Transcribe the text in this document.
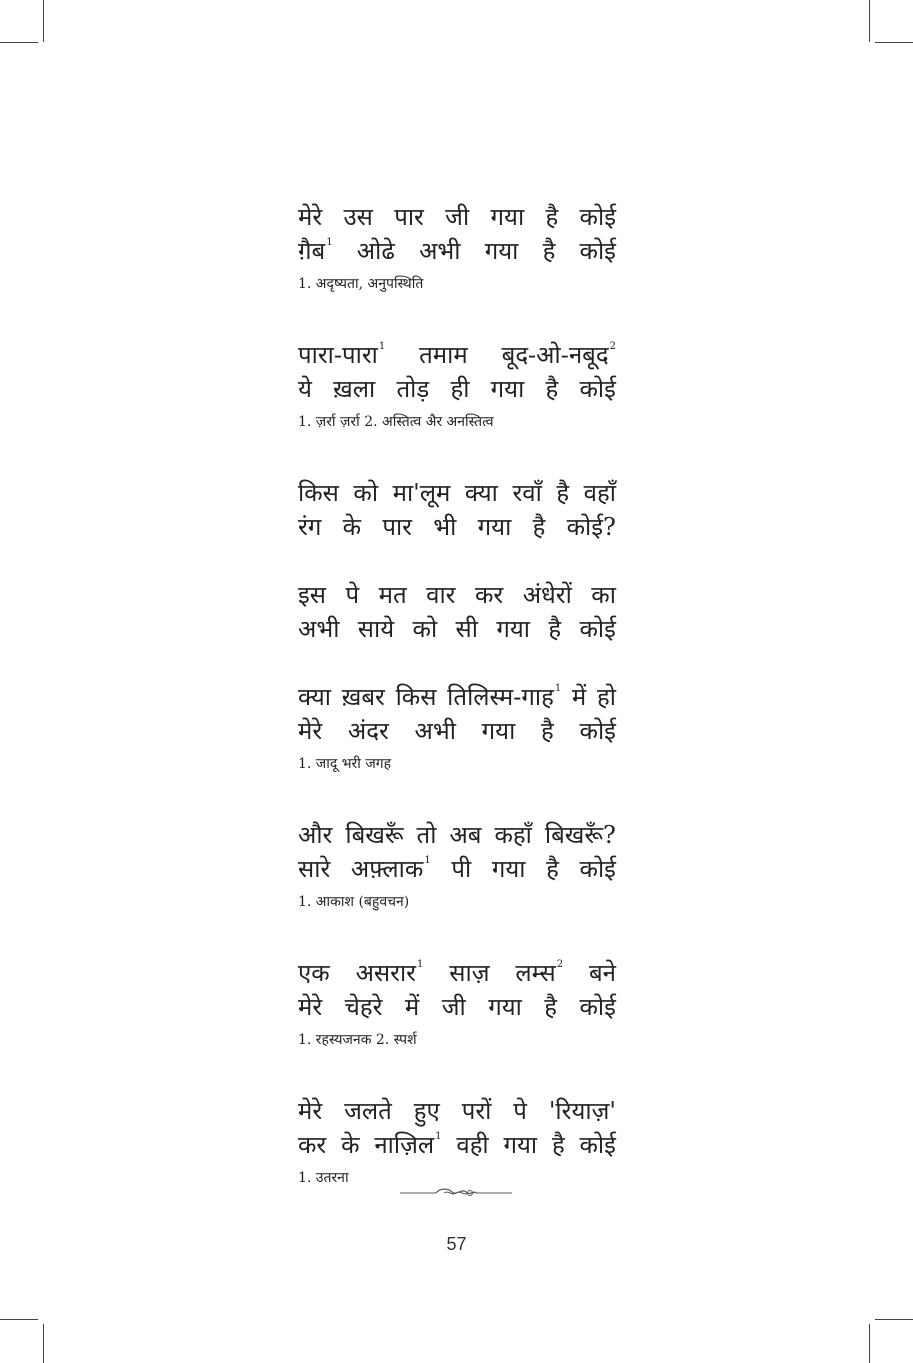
मेरे उस पार जी गया है कोई
ग़ैब$^1$ ओढे अभी गया है कोई
1. अदृष्यता, अनुपस्थिति
पारा-पारा$^1$ तमाम बूद-ओ-नबूद$^2$
ये ख़ला तोड़ ही गया है कोई
1. ज़र्रा ज़र्रा 2. अस्तित्व अैर अनस्तित्व
किस को मा'लूम क्या रवाँ है वहाँ
रंग के पार भी गया है कोई?
इस पे मत वार कर अंधेरों का
अभी साये को सी गया है कोई
क्या ख़बर किस तिलिस्म-गाह$^1$ में हो
मेरे अंदर अभी गया है कोई
1. जादू भरी जगह
और बिखरूँ तो अब कहाँ बिखरूँ?
सारे अफ़्लाक$^1$ पी गया है कोई
1. आकाश (बहुवचन)
एक असरार$^1$ साज़ लम्स$^2$ बने
मेरे चेहरे में जी गया है कोई
1. रहस्यजनक 2. स्पर्श
मेरे जलते हुए परों पे 'रियाज़'
कर के नाज़िल$^1$ वही गया है कोई
1. उतरना
57
